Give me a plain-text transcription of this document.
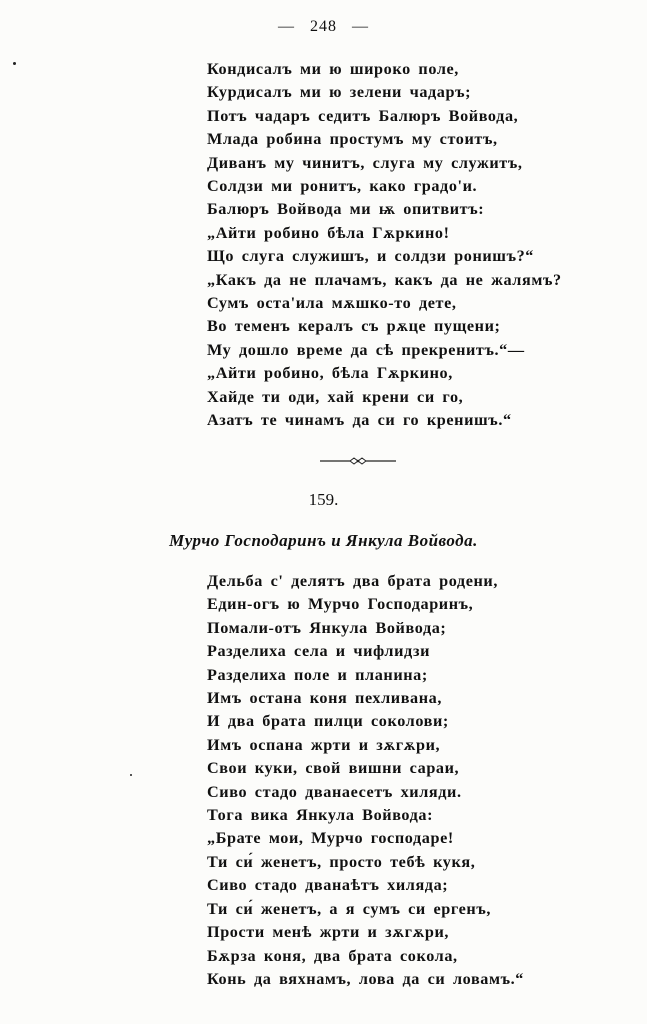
— 248 —
Кондисалъ ми ю широко поле,
Курдисалъ ми ю зелени чадаръ;
Потъ чадаръ седитъ Балюръ Войвода,
Млада робина простумъ му стоитъ,
Диванъ му чинитъ, слуга му служитъ,
Солдзи ми ронитъ, како градо'и.
Балюръ Войвода ми ѭ опитвитъ:
„Айти робино бѣла Гѫркино!
Що слуга служишъ, и солдзи ронишъ?“
„Какъ да не плачамъ, какъ да не жалямъ?
Сумъ оста'ила мѫшко-то дете,
Во теменъ кералъ съ рѫце пущени;
Му дошло време да сѣ прекренитъ.“—
„Айти робино, бѣла Гѫркино,
Хайде ти оди, хай крени си го,
Азатъ те чинамъ да си го кренишъ.“
159.
Мурчо Господаринъ и Янкула Войвода.
Дельба с' делятъ два брата родени,
Един-огъ ю Мурчо Господаринъ,
Помали-отъ Янкула Войвода;
Разделиха села и чифлидзи
Разделиха поле и планина;
Имъ остана коня пехливана,
И два брата пилци соколови;
Имъ оспана жрти и зѫгѫри,
Свои куки, свой вишни сараи,
Сиво стадо дванаесетъ хиляди.
Тога вика Янкула Войвода:
„Брате мои, Мурчо господаре!
Ти си́ женетъ, просто тебѣ кукя,
Сиво стадо дванаѣтъ хиляда;
Ти си́ женетъ, а я сумъ си ергенъ,
Прости менѣ жрти и зѫгѫри,
Бѫрза коня, два брата сокола,
Конь да вяхнамъ, лова да си ловамъ.“
